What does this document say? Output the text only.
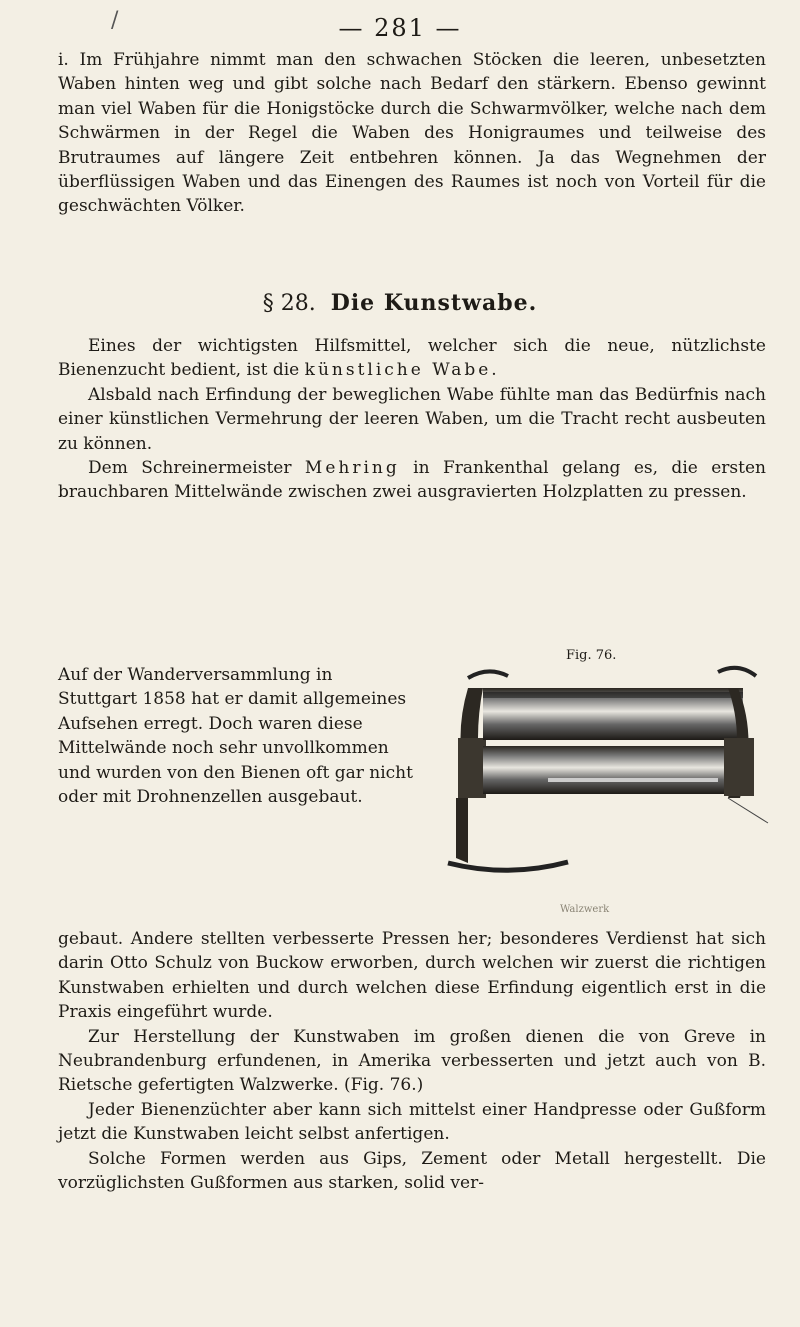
/	— 281 —

i. Im Frühjahre nimmt man den schwachen Stöcken die leeren, unbesetzten Waben hinten weg und gibt solche nach Bedarf den stärkern. Ebenso gewinnt man viel Waben für die Honigstöcke durch die Schwarmvölker, welche nach dem Schwärmen in der Regel die Waben des Honigraumes und teilweise des Brutraumes auf längere Zeit entbehren können. Ja das Wegnehmen der überflüssigen Waben und das Einengen des Raumes ist noch von Vorteil für die geschwächten Völker.

§ 28. Die Kunstwabe.

Eines der wichtigsten Hilfsmittel, welcher sich die neue, nützlichste Bienenzucht bedient, ist die künstliche Wabe.

Alsbald nach Erfindung der beweglichen Wabe fühlte man das Bedürfnis nach einer künstlichen Vermehrung der leeren Waben, um die Tracht recht ausbeuten zu können.

Dem Schreinermeister Mehring in Frankenthal gelang es, die ersten brauchbaren Mittelwände zwischen zwei ausgravierten Holzplatten zu pressen.

Auf der Wanderversammlung in Stuttgart 1858 hat er damit allgemeines Aufsehen erregt. Doch waren diese Mittelwände noch sehr unvollkommen und wurden von den Bienen oft gar nicht oder mit Drohnenzellen ausgebaut.

Fig. 76.

gebaut. Andere stellten verbesserte Pressen her; besonderes Verdienst hat sich darin Otto Schulz von Buckow erworben, durch welchen wir zuerst die richtigen Kunstwaben erhielten und durch welchen diese Erfindung eigentlich erst in die Praxis eingeführt wurde.

Zur Herstellung der Kunstwaben im großen dienen die von Greve in Neubrandenburg erfundenen, in Amerika verbesserten und jetzt auch von B. Rietsche gefertigten Walzwerke. (Fig. 76.)

Jeder Bienenzüchter aber kann sich mittelst einer Handpresse oder Gußform jetzt die Kunstwaben leicht selbst anfertigen.

Solche Formen werden aus Gips, Zement oder Metall hergestellt. Die vorzüglichsten Gußformen aus starken, solid ver-

Walzwerk
